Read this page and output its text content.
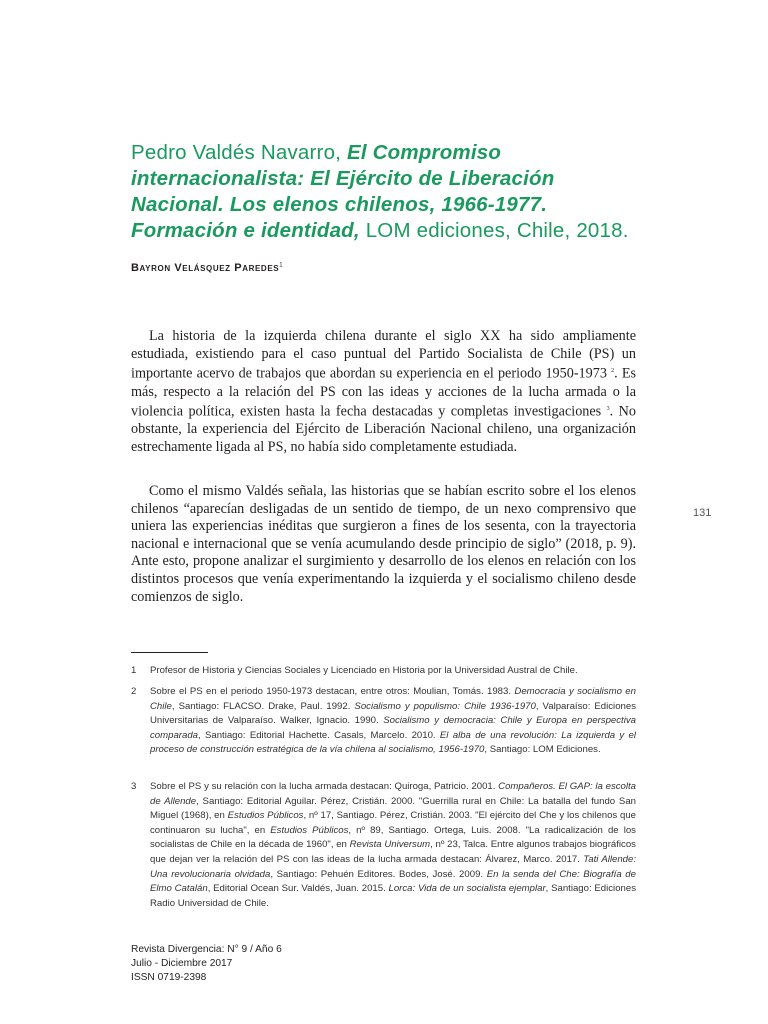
Pedro Valdés Navarro, El Compromiso internacionalista: El Ejército de Liberación Nacional. Los elenos chilenos, 1966-1977. Formación e identidad, LOM ediciones, Chile, 2018.
Bayron Velásquez Paredes$^1$

La historia de la izquierda chilena durante el siglo XX ha sido ampliamente estudiada, existiendo para el caso puntual del Partido Socialista de Chile (PS) un importante acervo de trabajos que abordan su experiencia en el periodo 1950-1973 $^2$. Es más, respecto a la relación del PS con las ideas y acciones de la lucha armada o la violencia política, existen hasta la fecha destacadas y completas investigaciones $^3$. No obstante, la experiencia del Ejército de Liberación Nacional chileno, una organización estrechamente ligada al PS, no había sido completamente estudiada.

Como el mismo Valdés señala, las historias que se habían escrito sobre el los elenos chilenos “aparecían desligadas de un sentido de tiempo, de un nexo comprensivo que uniera las experiencias inéditas que surgieron a fines de los sesenta, con la trayectoria nacional e internacional que se venía acumulando desde principio de siglo” (2018, p. 9). Ante esto, propone analizar el surgimiento y desarrollo de los elenos en relación con los distintos procesos que venía experimentando la izquierda y el socialismo chileno desde comienzos de siglo.

131
1	Profesor de Historia y Ciencias Sociales y Licenciado en Historia por la Universidad Austral de Chile.
2	Sobre el PS en el periodo 1950-1973 destacan, entre otros: Moulian, Tomás. 1983. Democracia y socialismo en Chile, Santiago: FLACSO. Drake, Paul. 1992. Socialismo y populismo: Chile 1936-1970, Valparaíso: Ediciones Universitarias de Valparaíso. Walker, Ignacio. 1990. Socialismo y democracia: Chile y Europa en perspectiva comparada, Santiago: Editorial Hachette. Casals, Marcelo. 2010. El alba de una revolución: La izquierda y el proceso de construcción estratégica de la vía chilena al socialismo, 1956-1970, Santiago: LOM Ediciones.
3	Sobre el PS y su relación con la lucha armada destacan: Quiroga, Patricio. 2001. Compañeros. El GAP: la escolta de Allende, Santiago: Editorial Aguilar. Pérez, Cristián. 2000. "Guerrilla rural en Chile: La batalla del fundo San Miguel (1968), en Estudios Públicos, nº 17, Santiago. Pérez, Cristián. 2003. "El ejército del Che y los chilenos que continuaron su lucha", en Estudios Públicos, nº 89, Santiago. Ortega, Luis. 2008. "La radicalización de los socialistas de Chile en la década de 1960", en Revista Universum, nº 23, Talca. Entre algunos trabajos biográficos que dejan ver la relación del PS con las ideas de la lucha armada destacan: Álvarez, Marco. 2017. Tati Allende: Una revolucionaria olvidada, Santiago: Pehuén Editores. Bodes, José. 2009. En la senda del Che: Biografía de Elmo Catalán, Editorial Ocean Sur. Valdés, Juan. 2015. Lorca: Vida de un socialista ejemplar, Santiago: Ediciones Radio Universidad de Chile.
Revista Divergencia: N° 9 / Año 6
Julio - Diciembre 2017
ISSN 0719-2398
